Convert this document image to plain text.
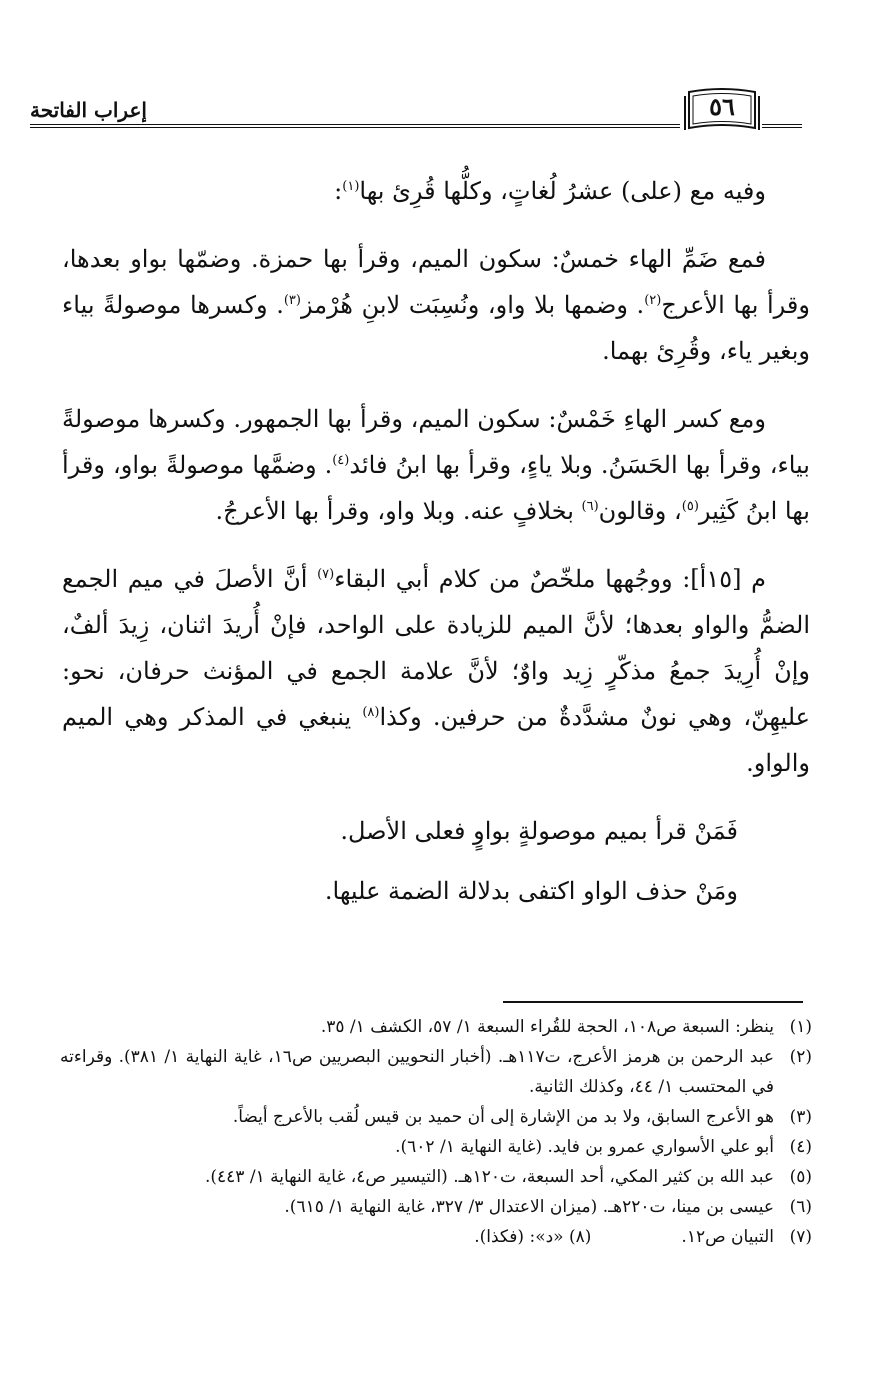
إعراب الفاتحة	٥٦

وفيه مع (على) عشرُ لُغاتٍ، وكلُّها قُرِئ بها$^{(١)}$:

فمع ضَمِّ الهاء خمسٌ: سكون الميم، وقرأ بها حمزة. وضمّها بواو بعدها، وقرأ بها الأعرج$^{(٢)}$. وضمها بلا واو، ونُسِبَت لابنِ هُرْمز$^{(٣)}$. وكسرها موصولةً بياء وبغير ياء، وقُرِئ بهما.

ومع كسر الهاءِ خَمْسٌ: سكون الميم، وقرأ بها الجمهور. وكسرها موصولةً بياء، وقرأ بها الحَسَنُ. وبلا ياءٍ، وقرأ بها ابنُ فائد$^{(٤)}$. وضمَّها موصولةً بواو، وقرأ بها ابنُ كَثِير$^{(٥)}$، وقالون$^{(٦)}$ بخلافٍ عنه. وبلا واو، وقرأ بها الأعرجُ.

م [١٥أ]: ووجُهها ملخّصٌ من كلام أبي البقاء$^{(٧)}$ أنَّ الأصلَ في ميم الجمع الضمُّ والواو بعدها؛ لأنَّ الميم للزيادة على الواحد، فإنْ أُريدَ اثنان، زِيدَ ألفٌ، وإنْ أُرِيدَ جمعُ مذكّرٍ زِيد واوٌ؛ لأنَّ علامة الجمع في المؤنث حرفان، نحو: عليهِنّ، وهي نونٌ مشدَّدةٌ من حرفين. وكذا$^{(٨)}$ ينبغي في المذكر وهي الميم والواو.

فَمَنْ قرأ بميم موصولةٍ بواوٍ فعلى الأصل.

ومَنْ حذف الواو اكتفى بدلالة الضمة عليها.

(١)
ينظر: السبعة ص١٠٨، الحجة للقُراء السبعة ١/ ٥٧، الكشف ١/ ٣٥.
(٢)
عبد الرحمن بن هرمز الأعرج، ت١١٧هـ. (أخبار النحويين البصريين ص١٦، غاية النهاية ١/ ٣٨١). وقراءته في المحتسب ١/ ٤٤، وكذلك الثانية.
(٣)
هو الأعرج السابق، ولا بد من الإشارة إلى أن حميد بن قيس لُقب بالأعرج أيضاً.
(٤)
أبو علي الأسواري عمرو بن فايد. (غاية النهاية ١/ ٦٠٢).
(٥)
عبد الله بن كثير المكي، أحد السبعة، ت١٢٠هـ. (التيسير ص٤، غاية النهاية ١/ ٤٤٣).
(٦)
عيسى بن مينا، ت٢٢٠هـ. (ميزان الاعتدال ٣/ ٣٢٧، غاية النهاية ١/ ٦١٥).
(٧)
التبيان ص١٢.(٨) «د»: (فكذا).
